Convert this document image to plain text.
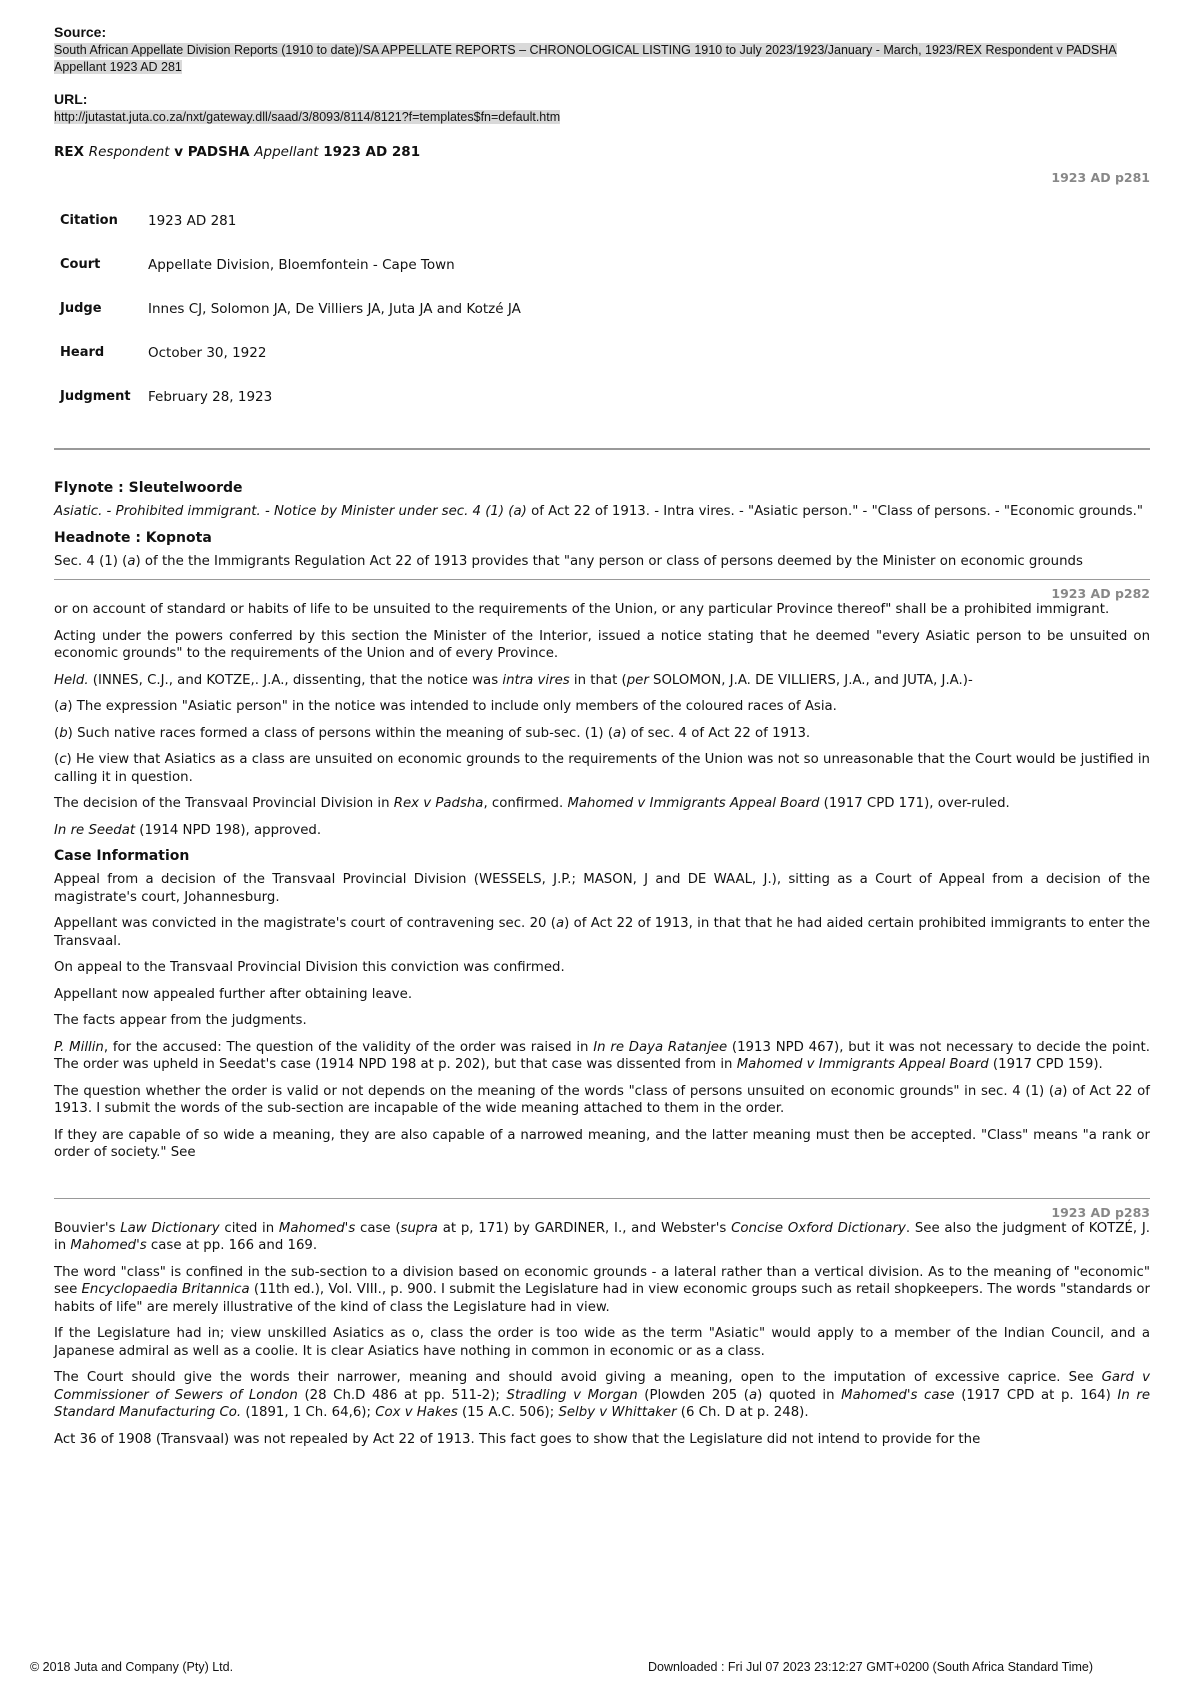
Source:
South African Appellate Division Reports (1910 to date)/SA APPELLATE REPORTS – CHRONOLOGICAL LISTING 1910 to July 2023/1923/January - March, 1923/REX Respondent v PADSHA Appellant 1923 AD 281
URL:
http://jutastat.juta.co.za/nxt/gateway.dll/saad/3/8093/8114/8121?f=templates$fn=default.htm
REX Respondent v PADSHA Appellant 1923 AD 281
1923 AD p281
Citation	1923 AD 281
Court	Appellate Division, Bloemfontein - Cape Town
Judge	Innes CJ, Solomon JA, De Villiers JA, Juta JA and Kotzé JA
Heard	October 30, 1922
Judgment	February 28, 1923
Flynote : Sleutelwoorde

Asiatic. - Prohibited immigrant. - Notice by Minister under sec. 4 (1) (a) of Act 22 of 1913. - Intra vires. - "Asiatic person." - "Class of persons. - "Economic grounds."

Headnote : Kopnota

Sec. 4 (1) (a) of the the Immigrants Regulation Act 22 of 1913 provides that "any person or class of persons deemed by the Minister on economic grounds

1923 AD p282

or on account of standard or habits of life to be unsuited to the requirements of the Union, or any particular Province thereof" shall be a prohibited immigrant.

Acting under the powers conferred by this section the Minister of the Interior, issued a notice stating that he deemed "every Asiatic person to be unsuited on economic grounds" to the requirements of the Union and of every Province.

Held. (INNES, C.J., and KOTZE,. J.A., dissenting, that the notice was intra vires in that (per SOLOMON, J.A. DE VILLIERS, J.A., and JUTA, J.A.)-

(a) The expression "Asiatic person" in the notice was intended to include only members of the coloured races of Asia.

(b) Such native races formed a class of persons within the meaning of sub-sec. (1) (a) of sec. 4 of Act 22 of 1913.

(c) He view that Asiatics as a class are unsuited on economic grounds to the requirements of the Union was not so unreasonable that the Court would be justified in calling it in question.

The decision of the Transvaal Provincial Division in Rex v Padsha, confirmed. Mahomed v Immigrants Appeal Board (1917 CPD 171), over-ruled.

In re Seedat (1914 NPD 198), approved.

Case Information

Appeal from a decision of the Transvaal Provincial Division (WESSELS, J.P.; MASON, J and DE WAAL, J.), sitting as a Court of Appeal from a decision of the magistrate's court, Johannesburg.

Appellant was convicted in the magistrate's court of contravening sec. 20 (a) of Act 22 of 1913, in that that he had aided certain prohibited immigrants to enter the Transvaal.

On appeal to the Transvaal Provincial Division this conviction was confirmed.

Appellant now appealed further after obtaining leave.

The facts appear from the judgments.

P. Millin, for the accused: The question of the validity of the order was raised in In re Daya Ratanjee (1913 NPD 467), but it was not necessary to decide the point. The order was upheld in Seedat's case (1914 NPD 198 at p. 202), but that case was dissented from in Mahomed v Immigrants Appeal Board (1917 CPD 159).

The question whether the order is valid or not depends on the meaning of the words "class of persons unsuited on economic grounds" in sec. 4 (1) (a) of Act 22 of 1913. I submit the words of the sub-section are incapable of the wide meaning attached to them in the order.

If they are capable of so wide a meaning, they are also capable of a narrowed meaning, and the latter meaning must then be accepted. "Class" means "a rank or order of society." See

1923 AD p283

Bouvier's Law Dictionary cited in Mahomed's case (supra at p, 171) by GARDINER, I., and Webster's Concise Oxford Dictionary. See also the judgment of KOTZÉ, J. in Mahomed's case at pp. 166 and 169.

The word "class" is confined in the sub-section to a division based on economic grounds - a lateral rather than a vertical division. As to the meaning of "economic" see Encyclopaedia Britannica (11th ed.), Vol. VIII., p. 900. I submit the Legislature had in view economic groups such as retail shopkeepers. The words "standards or habits of life" are merely illustrative of the kind of class the Legislature had in view.

If the Legislature had in; view unskilled Asiatics as o, class the order is too wide as the term "Asiatic" would apply to a member of the Indian Council, and a Japanese admiral as well as a coolie. It is clear Asiatics have nothing in common in economic or as a class.

The Court should give the words their narrower, meaning and should avoid giving a meaning, open to the imputation of excessive caprice. See Gard v Commissioner of Sewers of London (28 Ch.D 486 at pp. 511-2); Stradling v Morgan (Plowden 205 (a) quoted in Mahomed's case (1917 CPD at p. 164) In re Standard Manufacturing Co. (1891, 1 Ch. 64,6); Cox v Hakes (15 A.C. 506); Selby v Whittaker (6 Ch. D at p. 248).

Act 36 of 1908 (Transvaal) was not repealed by Act 22 of 1913. This fact goes to show that the Legislature did not intend to provide for the

© 2018 Juta and Company (Pty) Ltd.	Downloaded : Fri Jul 07 2023 23:12:27 GMT+0200 (South Africa Standard Time)
